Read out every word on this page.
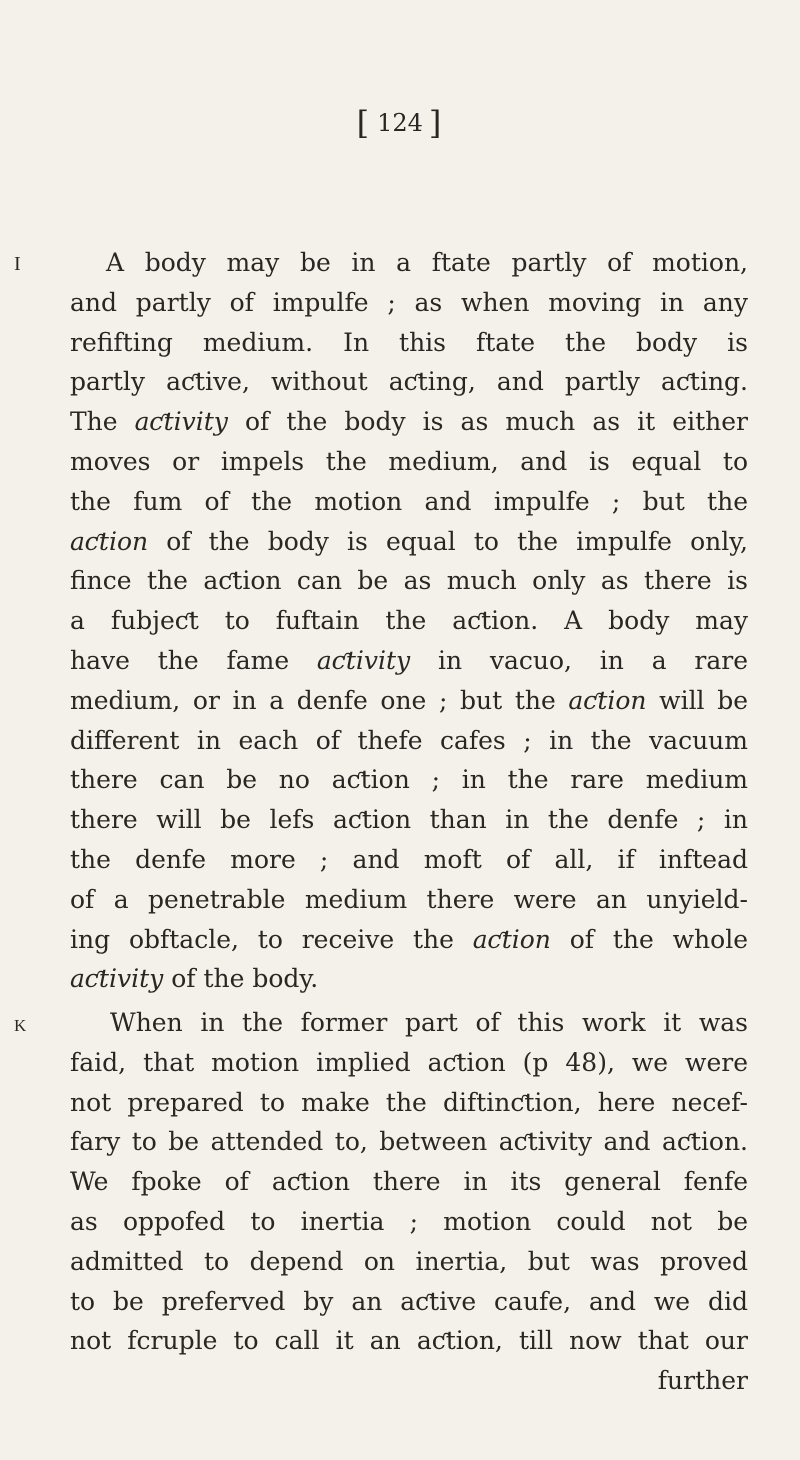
[ 124 ]
I	A body may be in a ftate partly of motion,
and partly of impulfe ; as when moving in any
refifting medium. In this ftate the body is
partly aƈtive, without aƈting, and partly aƈting.
The aƈtivity of the body is as much as it either
moves or impels the medium, and is equal to
the fum of the motion and impulfe ; but the
aƈtion of the body is equal to the impulfe only,
fince the aƈtion can be as much only as there is
a fubjeƈt to fuftain the aƈtion. A body may
have the fame aƈtivity in vacuo, in a rare
medium, or in a denfe one ; but the aƈtion will be
different in each of thefe cafes ; in the vacuum
there can be no aƈtion ; in the rare medium
there will be lefs aƈtion than in the denfe ; in
the denfe more ; and moft of all, if inftead
of a penetrable medium there were an unyield-
ing obftacle, to receive the aƈtion of the whole
aƈtivity of the body.
K	When in the former part of this work it was
faid, that motion implied aƈtion (p 48), we were
not prepared to make the diftinƈtion, here necef-
fary to be attended to, between aƈtivity and aƈtion.
We fpoke of aƈtion there in its general fenfe
as oppofed to inertia ; motion could not be
admitted to depend on inertia, but was proved
to be preferved by an aƈtive caufe, and we did
not fcruple to call it an aƈtion, till now that our
further
